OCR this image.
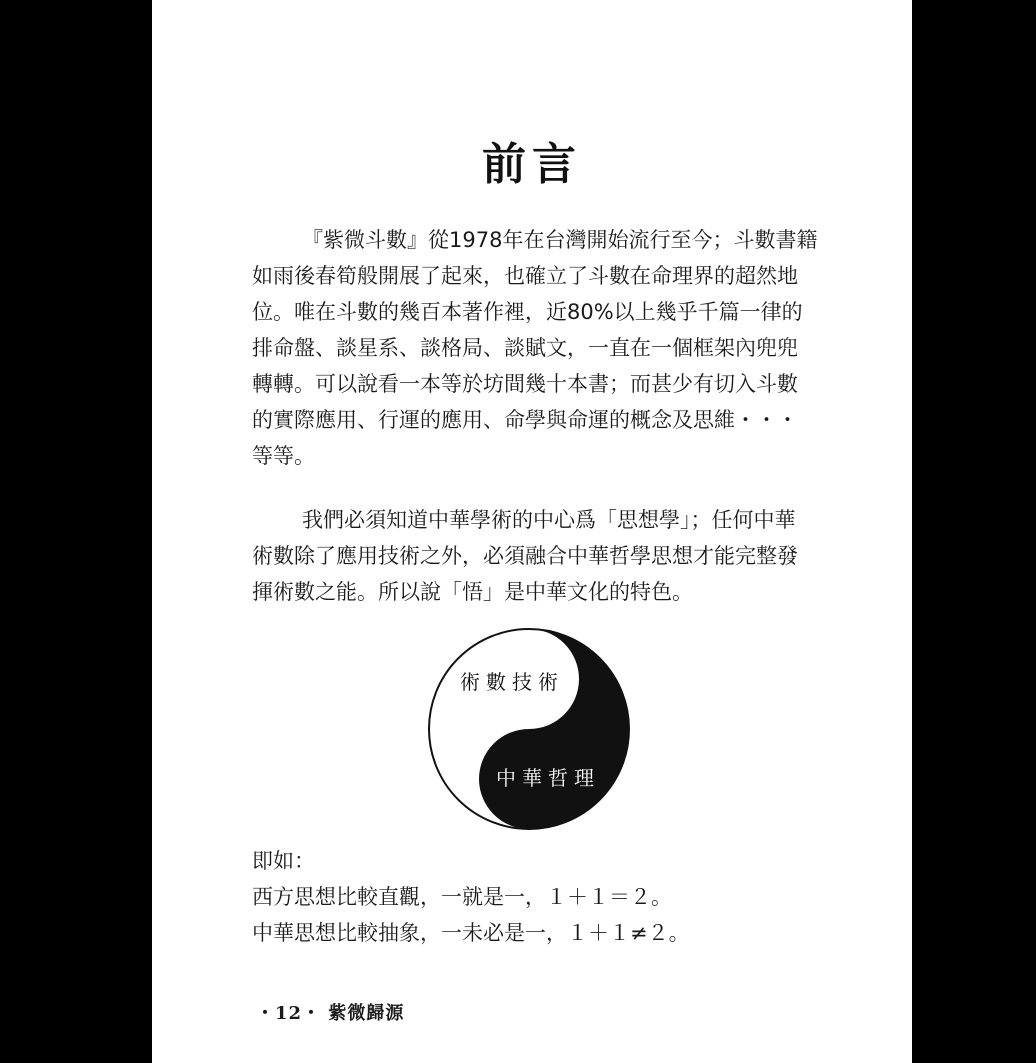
前言
『紫微斗數』從1978年在台灣開始流行至今；斗數書籍
如雨後春筍般開展了起來，也確立了斗數在命理界的超然地
位。唯在斗數的幾百本著作裡，近80%以上幾乎千篇一律的
排命盤、談星系、談格局、談賦文，一直在一個框架內兜兜
轉轉。可以說看一本等於坊間幾十本書；而甚少有切入斗數
的實際應用、行運的應用、命學與命運的概念及思維・・・
等等。
我們必須知道中華學術的中心爲「思想學」；任何中華
術數除了應用技術之外，必須融合中華哲學思想才能完整發
揮術數之能。所以說「悟」是中華文化的特色。
術數技術
中華哲理
即如：
西方思想比較直觀，一就是一，１＋１＝２。
中華思想比較抽象，一未必是一，１＋１≠２。
・12・ 紫微歸源
